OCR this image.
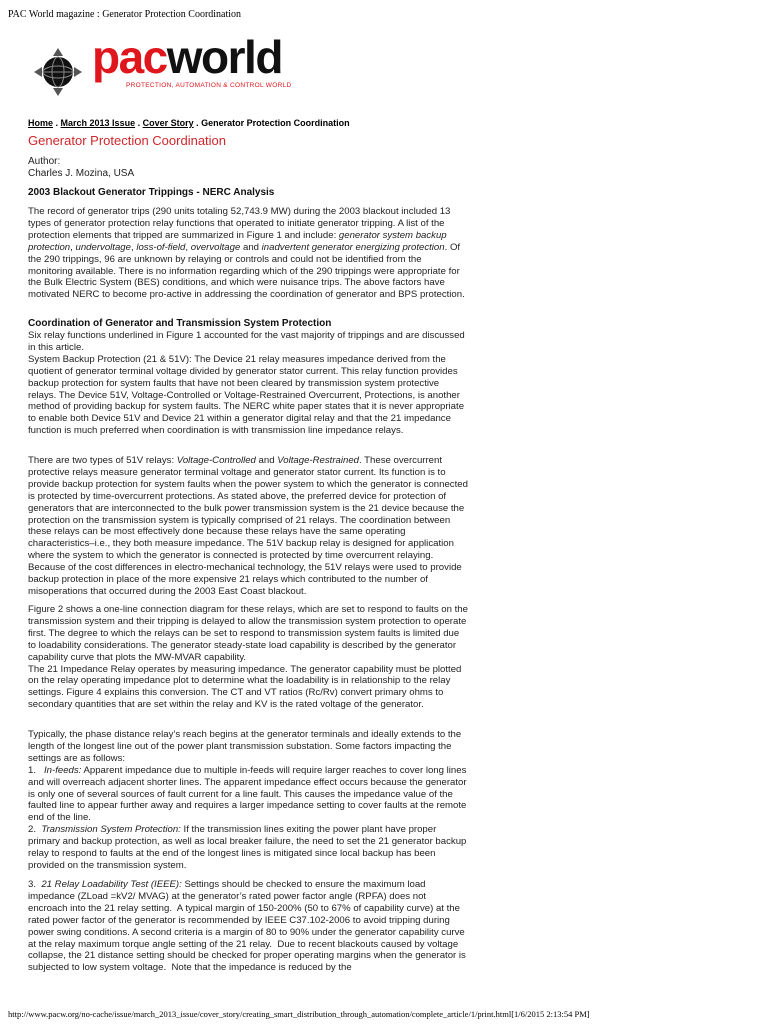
PAC World magazine : Generator Protection Coordination
pacworld
PROTECTION, AUTOMATION & CONTROL WORLD
Home . March 2013 Issue . Cover Story . Generator Protection Coordination
Generator Protection Coordination
Author:
Charles J. Mozina, USA
2003 Blackout Generator Trippings - NERC Analysis

The record of generator trips (290 units totaling 52,743.9 MW) during the 2003 blackout included 13 types of generator protection relay functions that operated to initiate generator tripping. A list of the protection elements that tripped are summarized in Figure 1 and include: generator system backup protection, undervoltage, loss-of-field, overvoltage and inadvertent generator energizing protection. Of the 290 trippings, 96 are unknown by relaying or controls and could not be identified from the monitoring available. There is no information regarding which of the 290 trippings were appropriate for the Bulk Electric System (BES) conditions, and which were nuisance trips. The above factors have motivated NERC to become pro-active in addressing the coordination of generator and BPS protection.

Coordination of Generator and Transmission System Protection

Six relay functions underlined in Figure 1 accounted for the vast majority of trippings and are discussed in this article.
System Backup Protection (21 & 51V): The Device 21 relay measures impedance derived from the quotient of generator terminal voltage divided by generator stator current. This relay function provides backup protection for system faults that have not been cleared by transmission system protective relays. The Device 51V, Voltage-Controlled or Voltage-Restrained Overcurrent, Protections, is another method of providing backup for system faults. The NERC white paper states that it is never appropriate to enable both Device 51V and Device 21 within a generator digital relay and that the 21 impedance function is much preferred when coordination is with transmission line impedance relays.

There are two types of 51V relays: Voltage-Controlled and Voltage-Restrained. These overcurrent protective relays measure generator terminal voltage and generator stator current. Its function is to provide backup protection for system faults when the power system to which the generator is connected is protected by time-overcurrent protections. As stated above, the preferred device for protection of generators that are interconnected to the bulk power transmission system is the 21 device because the protection on the transmission system is typically comprised of 21 relays. The coordination between these relays can be most effectively done because these relays have the same operating characteristics–i.e., they both measure impedance. The 51V backup relay is designed for application where the system to which the generator is connected is protected by time overcurrent relaying. Because of the cost differences in electro-mechanical technology, the 51V relays were used to provide backup protection in place of the more expensive 21 relays which contributed to the number of misoperations that occurred during the 2003 East Coast blackout.

Figure 2 shows a one-line connection diagram for these relays, which are set to respond to faults on the transmission system and their tripping is delayed to allow the transmission system protection to operate first. The degree to which the relays can be set to respond to transmission system faults is limited due to loadability considerations. The generator steady-state load capability is described by the generator capability curve that plots the MW-MVAR capability.
The 21 Impedance Relay operates by measuring impedance. The generator capability must be plotted on the relay operating impedance plot to determine what the loadability is in relationship to the relay settings. Figure 4 explains this conversion. The CT and VT ratios (Rc/Rv) convert primary ohms to secondary quantities that are set within the relay and KV is the rated voltage of the generator.

Typically, the phase distance relay’s reach begins at the generator terminals and ideally extends to the length of the longest line out of the power plant transmission substation. Some factors impacting the settings are as follows:
1.   In-feeds: Apparent impedance due to multiple in-feeds will require larger reaches to cover long lines and will overreach adjacent shorter lines. The apparent impedance effect occurs because the generator is only one of several sources of fault current for a line fault. This causes the impedance value of the faulted line to appear further away and requires a larger impedance setting to cover faults at the remote end of the line.
2.  Transmission System Protection: If the transmission lines exiting the power plant have proper primary and backup protection, as well as local breaker failure, the need to set the 21 generator backup relay to respond to faults at the end of the longest lines is mitigated since local backup has been provided on the transmission system.

3.  21 Relay Loadability Test (IEEE): Settings should be checked to ensure the maximum load impedance (ZLoad =kV2/ MVAG) at the generator’s rated power factor angle (RPFA) does not encroach into the 21 relay setting.  A typical margin of 150-200% (50 to 67% of capability curve) at the rated power factor of the generator is recommended by IEEE C37.102-2006 to avoid tripping during power swing conditions. A second criteria is a margin of 80 to 90% under the generator capability curve at the relay maximum torque angle setting of the 21 relay.  Due to recent blackouts caused by voltage collapse, the 21 distance setting should be checked for proper operating margins when the generator is subjected to low system voltage.  Note that the impedance is reduced by the

http://www.pacw.org/no-cache/issue/march_2013_issue/cover_story/creating_smart_distribution_through_automation/complete_article/1/print.html[1/6/2015 2:13:54 PM]
